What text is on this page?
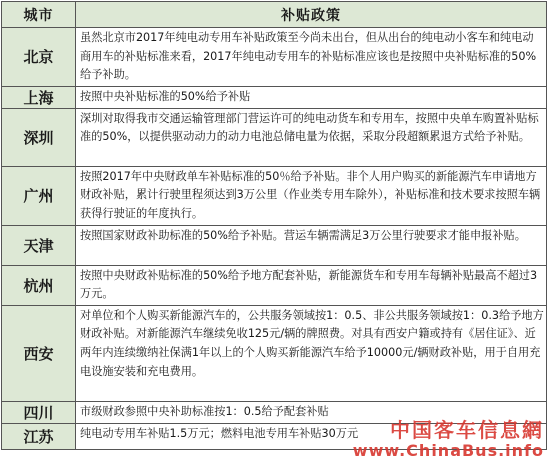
城市	补贴政策
北京	虽然北京市2017年纯电动专用车补贴政策至今尚未出台，但从出台的纯电动小客车和纯电动商用车的补贴标准来看，2017年纯电动专用车的补贴标准应该也是按照中央补贴标准的50%给予补助。
上海	按照中央补贴标准的50%给予补贴
深圳	深圳对取得我市交通运输管理部门营运许可的纯电动货车和专用车，按照中央单车购置补贴标准的50%，以提供驱动动力的动力电池总储电量为依据，采取分段超额累退方式给予补贴。
广州	按照2017年中央财政单车补贴标准的50％给予补贴。非个人用户购买的新能源汽车申请地方财政补贴，累计行驶里程须达到3万公里（作业类专用车除外），补贴标准和技术要求按照车辆获得行驶证的年度执行。
天津	按照国家财政补助标准的50%给予补贴。营运车辆需满足3万公里行驶要求才能申报补贴。
杭州	按照中央财政补贴标准的50%给予地方配套补贴，新能源货车和专用车每辆补贴最高不超过3万元。
西安	对单位和个人购买新能源汽车的，公共服务领域按1：0.5、非公共服务领域按1：0.3给予地方财政补贴。对新能源汽车继续免收125元/辆的牌照费。对具有西安户籍或持有《居住证》、近两年内连续缴纳社保满1年以上的个人购买新能源汽车给予10000元/辆财政补贴，用于自用充电设施安装和充电费用。
四川	市级财政参照中央补助标准按1：0.5给予配套补贴
江苏	纯电动专用车补贴1.5万元；燃料电池专用车补贴30万元	中国客车信息網
www.ChinaBus.info
